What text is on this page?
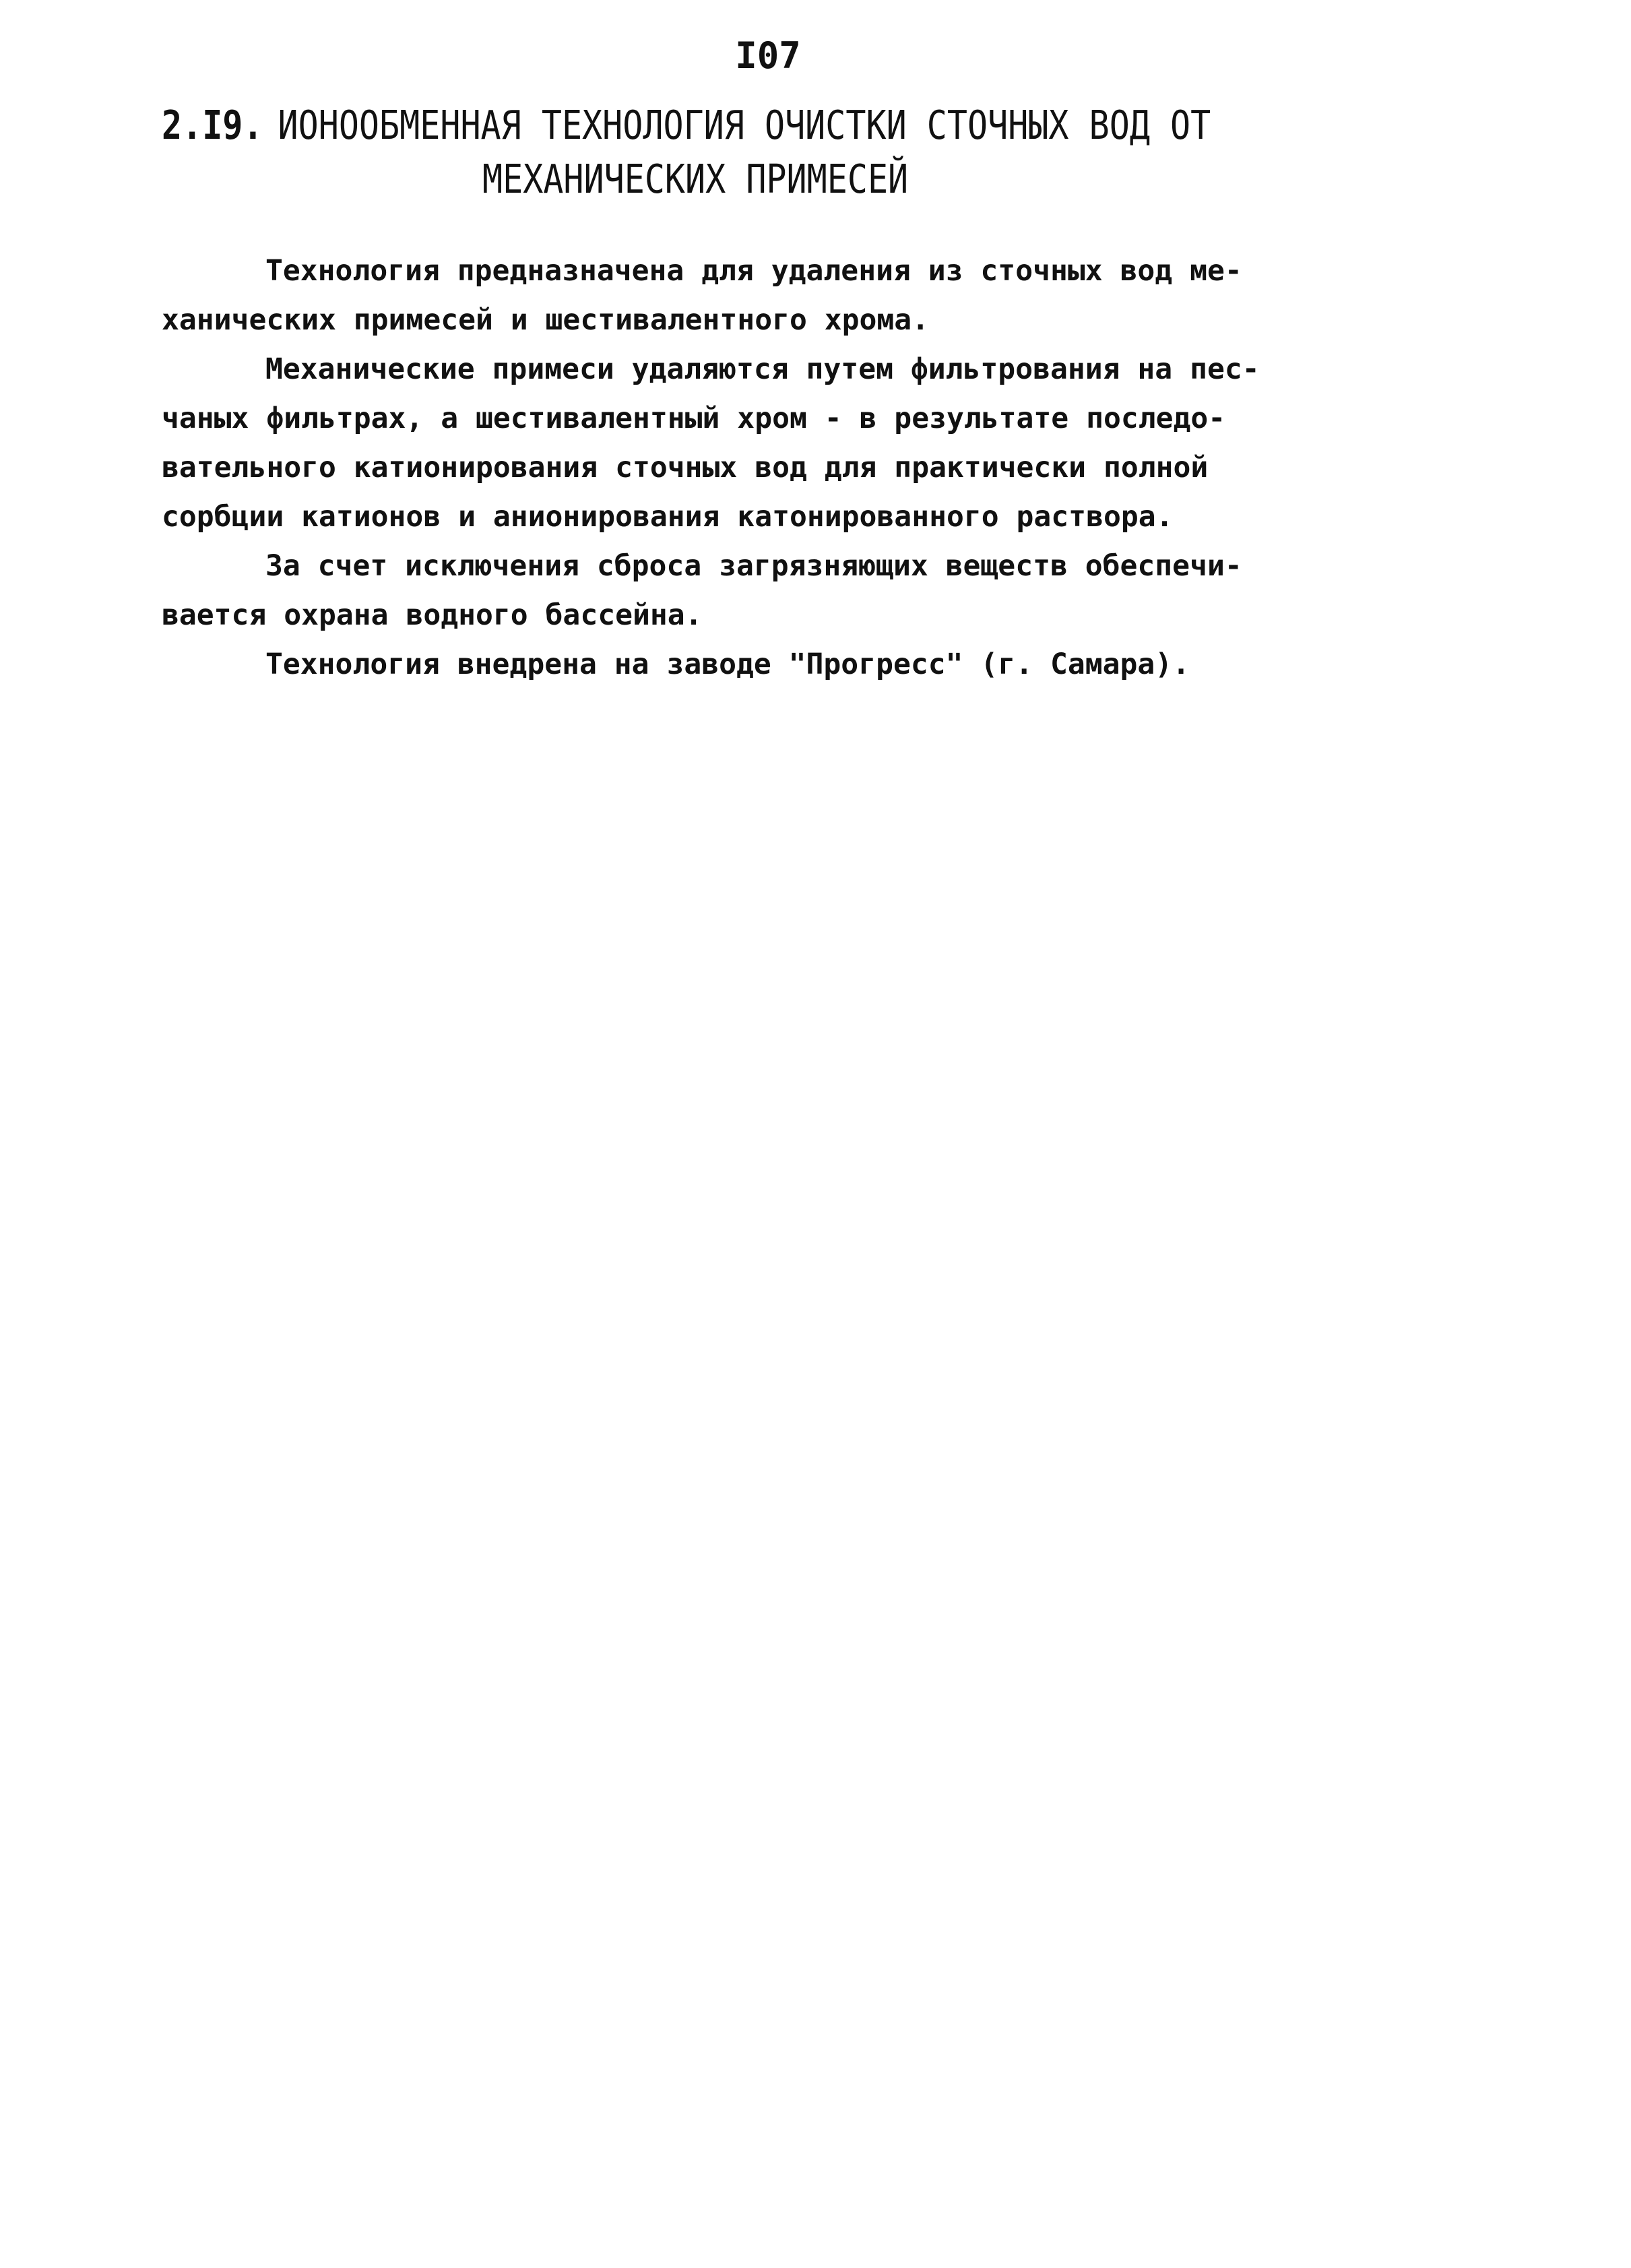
I07
2.I9. ИОНООБМЕННАЯ ТЕХНОЛОГИЯ ОЧИСТКИ СТОЧНЫХ ВОД ОТ
МЕХАНИЧЕСКИХ ПРИМЕСЕЙ

Технология предназначена для удаления из сточных вод ме-
ханических примесей и шестивалентного хрома.

Механические примеси удаляются путем фильтрования на пес-
чаных фильтрах, а шестивалентный хром - в результате последо-
вательного катионирования сточных вод для практически полной
сорбции катионов и анионирования катонированного раствора.

За счет исключения сброса загрязняющих веществ обеспечи-
вается охрана водного бассейна.

Технология внедрена на заводе "Прогресс" (г. Самара).
